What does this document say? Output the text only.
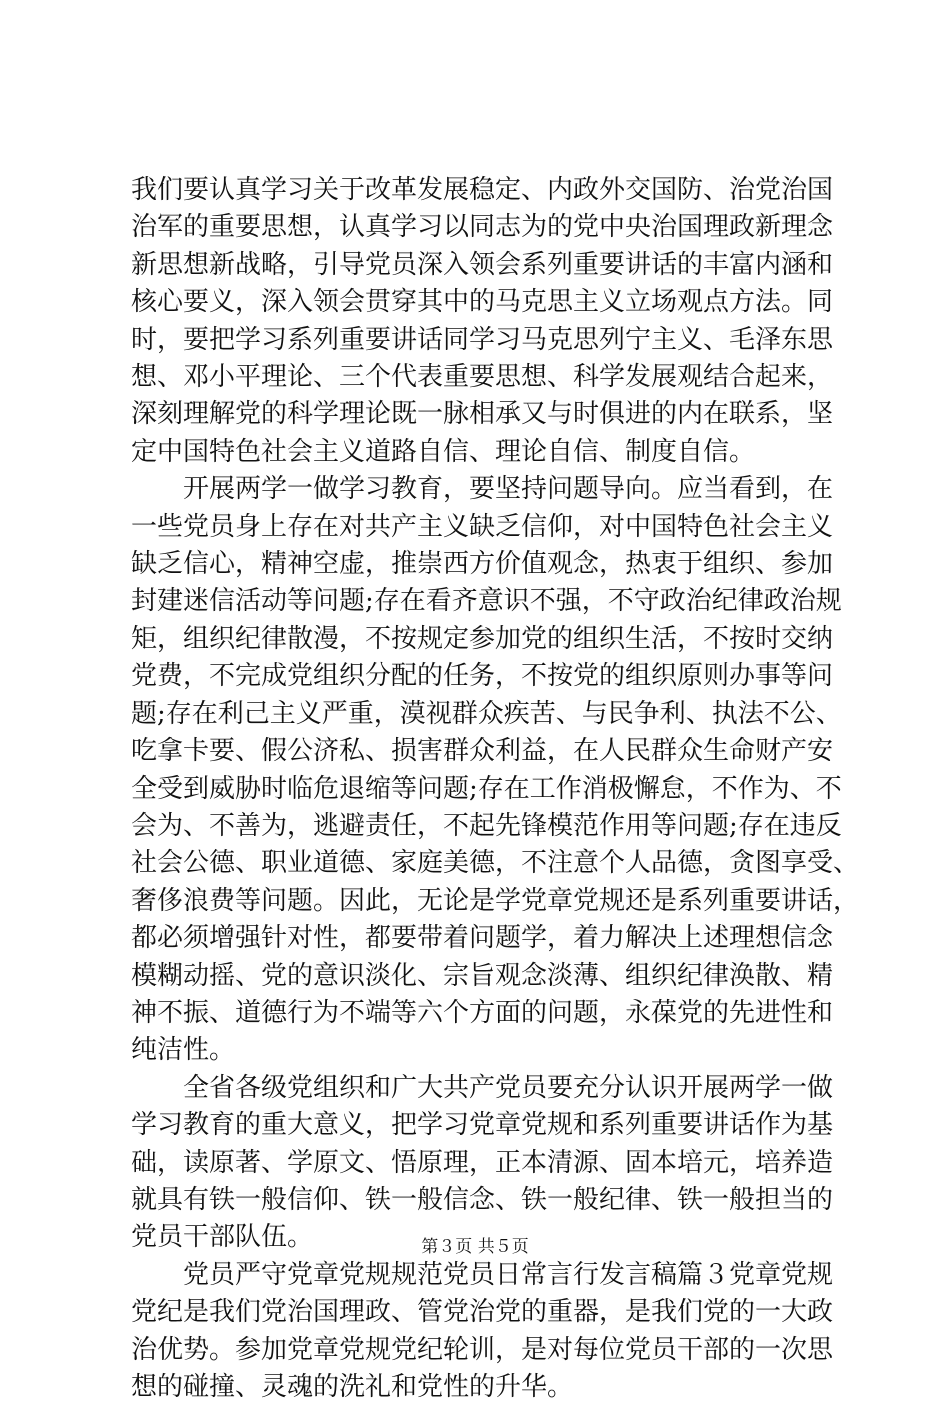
我们要认真学习关于改革发展稳定、内政外交国防、治党治国
治军的重要思想，认真学习以同志为的党中央治国理政新理念
新思想新战略，引导党员深入领会系列重要讲话的丰富内涵和
核心要义，深入领会贯穿其中的马克思主义立场观点方法。同
时，要把学习系列重要讲话同学习马克思列宁主义、毛泽东思
想、邓小平理论、三个代表重要思想、科学发展观结合起来，
深刻理解党的科学理论既一脉相承又与时俱进的内在联系，坚
定中国特色社会主义道路自信、理论自信、制度自信。

　　开展两学一做学习教育，要坚持问题导向。应当看到，在
一些党员身上存在对共产主义缺乏信仰，对中国特色社会主义
缺乏信心，精神空虚，推崇西方价值观念，热衷于组织、参加
封建迷信活动等问题;存在看齐意识不强，不守政治纪律政治规
矩，组织纪律散漫，不按规定参加党的组织生活，不按时交纳
党费，不完成党组织分配的任务，不按党的组织原则办事等问
题;存在利己主义严重，漠视群众疾苦、与民争利、执法不公、
吃拿卡要、假公济私、损害群众利益，在人民群众生命财产安
全受到威胁时临危退缩等问题;存在工作消极懈怠，不作为、不
会为、不善为，逃避责任，不起先锋模范作用等问题;存在违反
社会公德、职业道德、家庭美德，不注意个人品德，贪图享受、
奢侈浪费等问题。因此，无论是学党章党规还是系列重要讲话，
都必须增强针对性，都要带着问题学，着力解决上述理想信念
模糊动摇、党的意识淡化、宗旨观念淡薄、组织纪律涣散、精
神不振、道德行为不端等六个方面的问题，永葆党的先进性和
纯洁性。

　　全省各级党组织和广大共产党员要充分认识开展两学一做
学习教育的重大意义，把学习党章党规和系列重要讲话作为基
础，读原著、学原文、悟原理，正本清源、固本培元，培养造
就具有铁一般信仰、铁一般信念、铁一般纪律、铁一般担当的
党员干部队伍。

　　党员严守党章党规规范党员日常言行发言稿篇３党章党规
党纪是我们党治国理政、管党治党的重器，是我们党的一大政
治优势。参加党章党规党纪轮训，是对每位党员干部的一次思
想的碰撞、灵魂的洗礼和党性的升华。

第３页 共５页
